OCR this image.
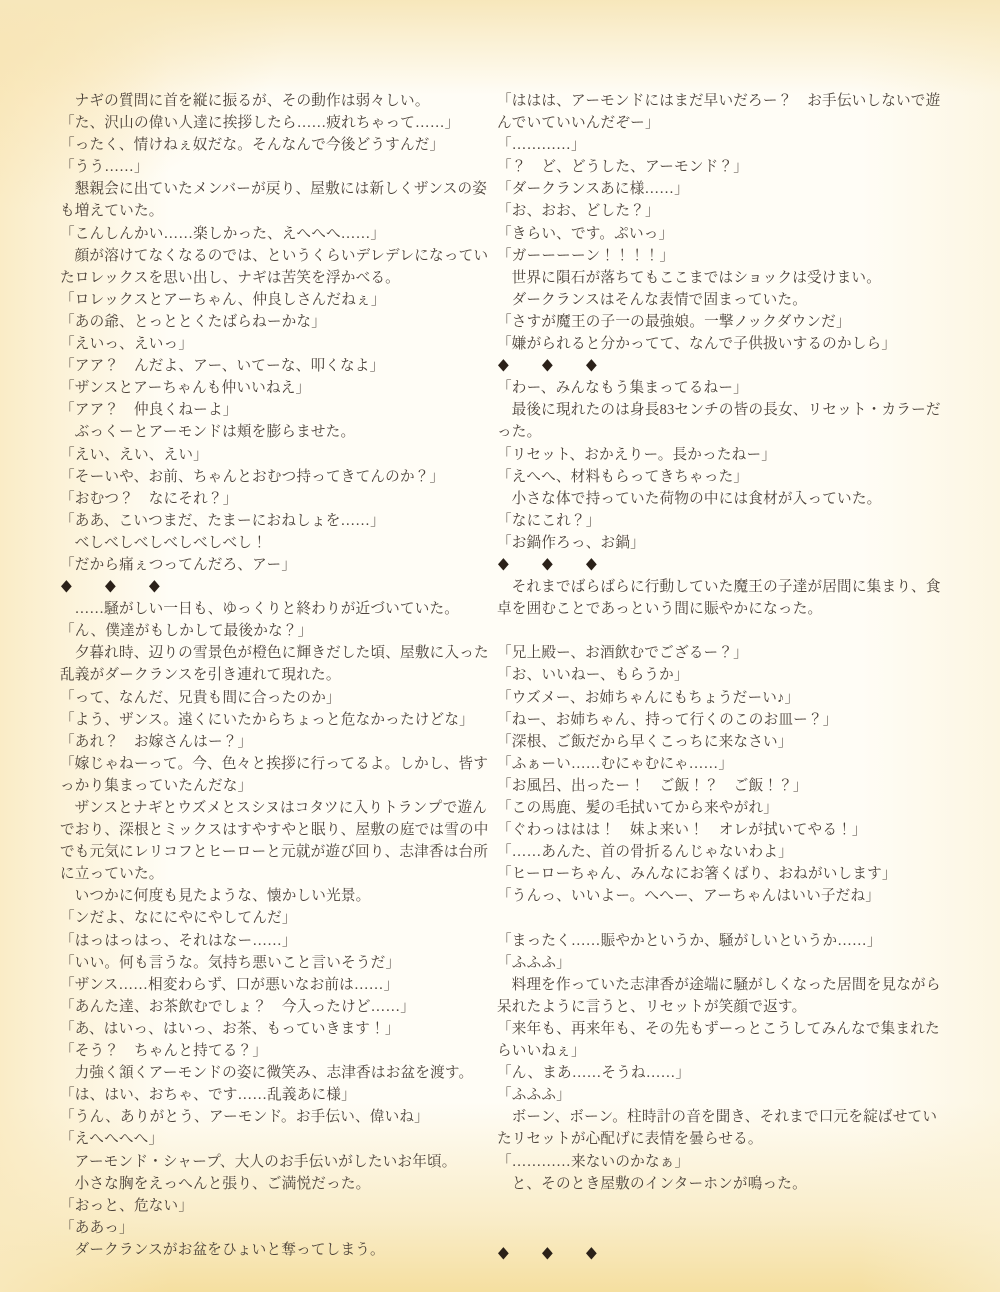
ナギの質問に首を縦に振るが、その動作は弱々しい。

「た、沢山の偉い人達に挨拶したら……疲れちゃって……」

「ったく、情けねぇ奴だな。そんなんで今後どうすんだ」

「うう……」

懇親会に出ていたメンバーが戻り、屋敷には新しくザンスの姿も増えていた。

「こんしんかい……楽しかった、えへへへ……」

顔が溶けてなくなるのでは、というくらいデレデレになっていたロレックスを思い出し、ナギは苦笑を浮かべる。

「ロレックスとアーちゃん、仲良しさんだねぇ」

「あの爺、とっととくたばらねーかな」

「えいっ、えいっ」

「アア？　んだよ、アー、いてーな、叩くなよ」

「ザンスとアーちゃんも仲いいねえ」

「アア？　仲良くねーよ」

ぶっくーとアーモンドは頬を膨らませた。

「えい、えい、えい」

「そーいや、お前、ちゃんとおむつ持ってきてんのか？」

「おむつ？　なにそれ？」

「ああ、こいつまだ、たまーにおねしょを……」

べしべしべしべしべしべし！

「だから痛ぇつってんだろ、アー」

◆ ◆ ◆

……騒がしい一日も、ゆっくりと終わりが近づいていた。

「ん、僕達がもしかして最後かな？」

夕暮れ時、辺りの雪景色が橙色に輝きだした頃、屋敷に入った乱義がダークランスを引き連れて現れた。

「って、なんだ、兄貴も間に合ったのか」

「よう、ザンス。遠くにいたからちょっと危なかったけどな」

「あれ？　お嫁さんはー？」

「嫁じゃねーって。今、色々と挨拶に行ってるよ。しかし、皆すっかり集まっていたんだな」

ザンスとナギとウズメとスシヌはコタツに入りトランプで遊んでおり、深根とミックスはすやすやと眠り、屋敷の庭では雪の中でも元気にレリコフとヒーローと元就が遊び回り、志津香は台所に立っていた。

いつかに何度も見たような、懐かしい光景。

「ンだよ、なににやにやしてんだ」

「はっはっはっ、それはなー……」

「いい。何も言うな。気持ち悪いこと言いそうだ」

「ザンス……相変わらず、口が悪いなお前は……」

「あんた達、お茶飲むでしょ？　今入ったけど……」

「あ、はいっ、はいっ、お茶、もっていきます！」

「そう？　ちゃんと持てる？」

力強く頷くアーモンドの姿に微笑み、志津香はお盆を渡す。

「は、はい、おちゃ、です……乱義あに様」

「うん、ありがとう、アーモンド。お手伝い、偉いね」

「えへへへへ」

アーモンド・シャープ、大人のお手伝いがしたいお年頃。

小さな胸をえっへんと張り、ご満悦だった。

「おっと、危ない」

「ああっ」

ダークランスがお盆をひょいと奪ってしまう。

「ははは、アーモンドにはまだ早いだろー？　お手伝いしないで遊んでいていいんだぞー」

「…………」

「？　ど、どうした、アーモンド？」

「ダークランスあに様……」

「お、おお、どした？」

「きらい、です。ぷいっ」

「ガーーーーン！！！！」

世界に隕石が落ちてもここまではショックは受けまい。

ダークランスはそんな表情で固まっていた。

「さすが魔王の子一の最強娘。一撃ノックダウンだ」

「嫌がられると分かってて、なんで子供扱いするのかしら」

◆ ◆ ◆

「わー、みんなもう集まってるねー」

最後に現れたのは身長83センチの皆の長女、リセット・カラーだった。

「リセット、おかえりー。長かったねー」

「えへへ、材料もらってきちゃった」

小さな体で持っていた荷物の中には食材が入っていた。

「なにこれ？」

「お鍋作ろっ、お鍋」

◆ ◆ ◆

それまでばらばらに行動していた魔王の子達が居間に集まり、食卓を囲むことであっという間に賑やかになった。

「兄上殿ー、お酒飲むでござるー？」

「お、いいねー、もらうか」

「ウズメー、お姉ちゃんにもちょうだーい♪」

「ねー、お姉ちゃん、持って行くのこのお皿ー？」

「深根、ご飯だから早くこっちに来なさい」

「ふぁーい……むにゃむにゃ……」

「お風呂、出ったー！　ご飯！？　ご飯！？」

「この馬鹿、髪の毛拭いてから来やがれ」

「ぐわっははは！　妹よ来い！　オレが拭いてやる！」

「……あんた、首の骨折るんじゃないわよ」

「ヒーローちゃん、みんなにお箸くばり、おねがいします」

「うんっ、いいよー。へへー、アーちゃんはいい子だね」

「まったく……賑やかというか、騒がしいというか……」

「ふふふ」

料理を作っていた志津香が途端に騒がしくなった居間を見ながら呆れたように言うと、リセットが笑顔で返す。

「来年も、再来年も、その先もずーっとこうしてみんなで集まれたらいいねぇ」

「ん、まあ……そうね……」

「ふふふ」

ボーン、ボーン。柱時計の音を聞き、それまで口元を綻ばせていたリセットが心配げに表情を曇らせる。

「…………来ないのかなぁ」

と、そのとき屋敷のインターホンが鳴った。

◆ ◆ ◆
